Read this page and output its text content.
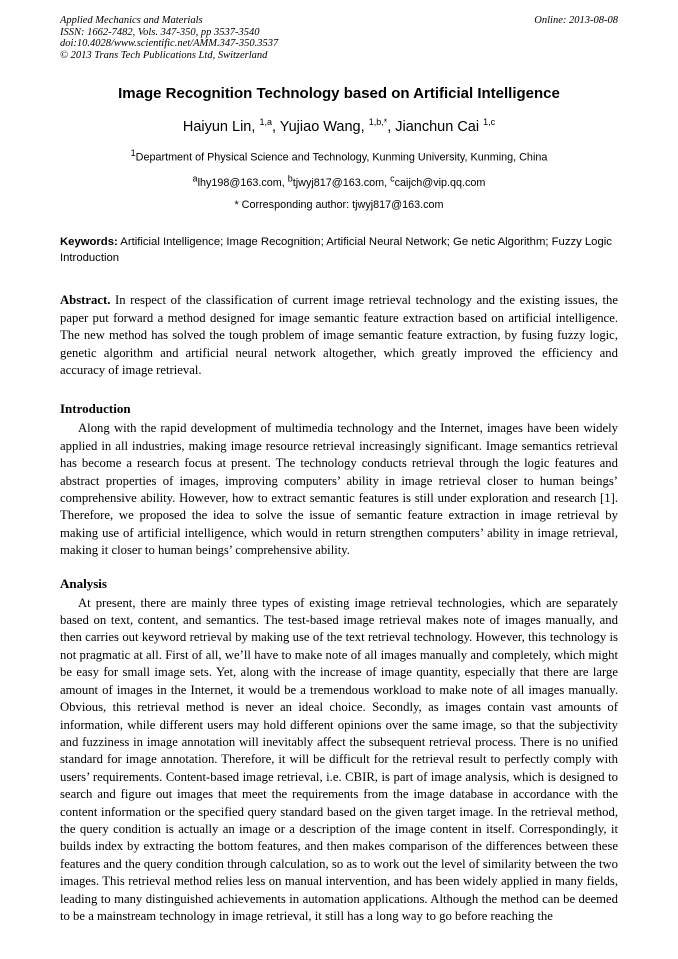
Applied Mechanics and Materials
ISSN: 1662-7482, Vols. 347-350, pp 3537-3540
doi:10.4028/www.scientific.net/AMM.347-350.3537
© 2013 Trans Tech Publications Ltd, Switzerland
Online: 2013-08-08
Image Recognition Technology based on Artificial Intelligence
Haiyun Lin, $^{1,a}$, Yujiao Wang, $^{1,b,*}$, Jianchun Cai $^{1,c}$
$^1$Department of Physical Science and Technology, Kunming University, Kunming, China
$^a$lhy198@163.com, $^b$tjwyj817@163.com, $^c$caijch@vip.qq.com
* Corresponding author: tjwyj817@163.com
Keywords: Artificial Intelligence; Image Recognition; Artificial Neural Network; Ge netic Algorithm; Fuzzy Logic Introduction
Abstract. In respect of the classification of current image retrieval technology and the existing issues, the paper put forward a method designed for image semantic feature extraction based on artificial intelligence. The new method has solved the tough problem of image semantic feature extraction, by fusing fuzzy logic, genetic algorithm and artificial neural network altogether, which greatly improved the efficiency and accuracy of image retrieval.
Introduction
Along with the rapid development of multimedia technology and the Internet, images have been widely applied in all industries, making image resource retrieval increasingly significant. Image semantics retrieval has become a research focus at present. The technology conducts retrieval through the logic features and abstract properties of images, improving computers’ ability in image retrieval closer to human beings’ comprehensive ability. However, how to extract semantic features is still under exploration and research [1]. Therefore, we proposed the idea to solve the issue of semantic feature extraction in image retrieval by making use of artificial intelligence, which would in return strengthen computers’ ability in image retrieval, making it closer to human beings’ comprehensive ability.
Analysis
At present, there are mainly three types of existing image retrieval technologies, which are separately based on text, content, and semantics. The test-based image retrieval makes note of images manually, and then carries out keyword retrieval by making use of the text retrieval technology. However, this technology is not pragmatic at all. First of all, we’ll have to make note of all images manually and completely, which might be easy for small image sets. Yet, along with the increase of image quantity, especially that there are large amount of images in the Internet, it would be a tremendous workload to make note of all images manually. Obvious, this retrieval method is never an ideal choice. Secondly, as images contain vast amounts of information, while different users may hold different opinions over the same image, so that the subjectivity and fuzziness in image annotation will inevitably affect the subsequent retrieval process. There is no unified standard for image annotation. Therefore, it will be difficult for the retrieval result to perfectly comply with users’ requirements. Content-based image retrieval, i.e. CBIR, is part of image analysis, which is designed to search and figure out images that meet the requirements from the image database in accordance with the content information or the specified query standard based on the given target image. In the retrieval method, the query condition is actually an image or a description of the image content in itself. Correspondingly, it builds index by extracting the bottom features, and then makes comparison of the differences between these features and the query condition through calculation, so as to work out the level of similarity between the two images. This retrieval method relies less on manual intervention, and has been widely applied in many fields, leading to many distinguished achievements in automation applications. Although the method can be deemed to be a mainstream technology in image retrieval, it still has a long way to go before reaching the
